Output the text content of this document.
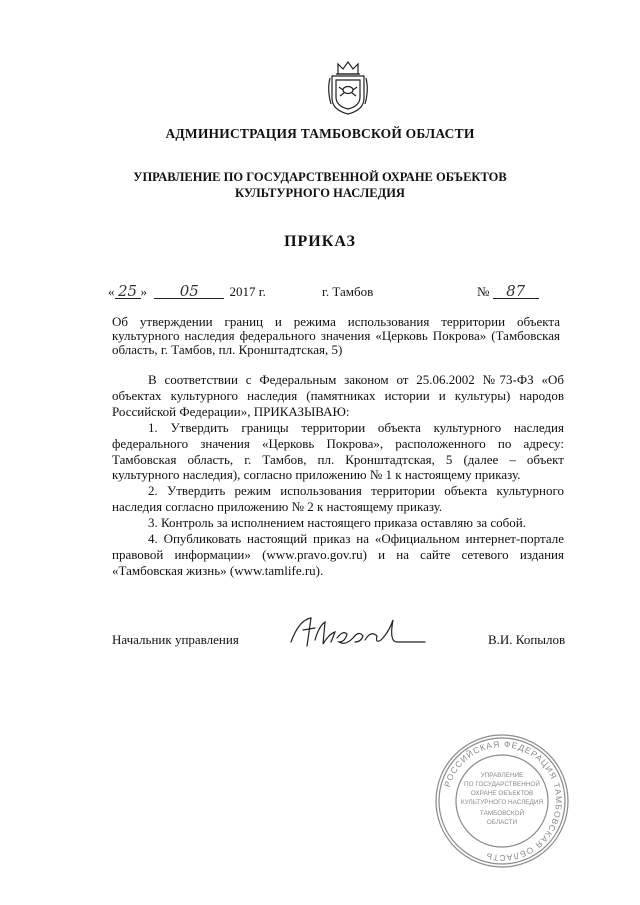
АДМИНИСТРАЦИЯ ТАМБОВСКОЙ ОБЛАСТИ
УПРАВЛЕНИЕ ПО ГОСУДАРСТВЕННОЙ ОХРАНЕ ОБЪЕКТОВ
КУЛЬТУРНОГО НАСЛЕДИЯ
ПРИКАЗ
« 25 » 05 2017 г.	г. Тамбов	№ 87
Об утверждении границ и режима использования территории объекта культурного наследия федерального значения «Церковь Покрова» (Тамбовская область, г. Тамбов, пл. Кронштадтская, 5)

В соответствии с Федеральным законом от 25.06.2002 №73-ФЗ «Об объектах культурного наследия (памятниках истории и культуры) народов Российской Федерации», ПРИКАЗЫВАЮ:

1. Утвердить границы территории объекта культурного наследия федерального значения «Церковь Покрова», расположенного по адресу: Тамбовская область, г. Тамбов, пл. Кронштадтская, 5 (далее – объект культурного наследия), согласно приложению № 1 к настоящему приказу.

2. Утвердить режим использования территории объекта культурного наследия согласно приложению № 2 к настоящему приказу.

3. Контроль за исполнением настоящего приказа оставляю за собой.

4. Опубликовать настоящий приказ на «Официальном интернет-портале правовой информации» (www.pravo.gov.ru) и на сайте сетевого издания «Тамбовская жизнь» (www.tamlife.ru).

Начальник управления	В.И. Копылов
РОССИЙСКАЯ ФЕДЕРАЦИЯ ТАМБОВСКАЯ ОБЛАСТЬ
УПРАВЛЕНИЕ
ПО ГОСУДАРСТВЕННОЙ
ОХРАНЕ ОБЪЕКТОВ
КУЛЬТУРНОГО НАСЛЕДИЯ
ТАМБОВСКОЙ
ОБЛАСТИ
